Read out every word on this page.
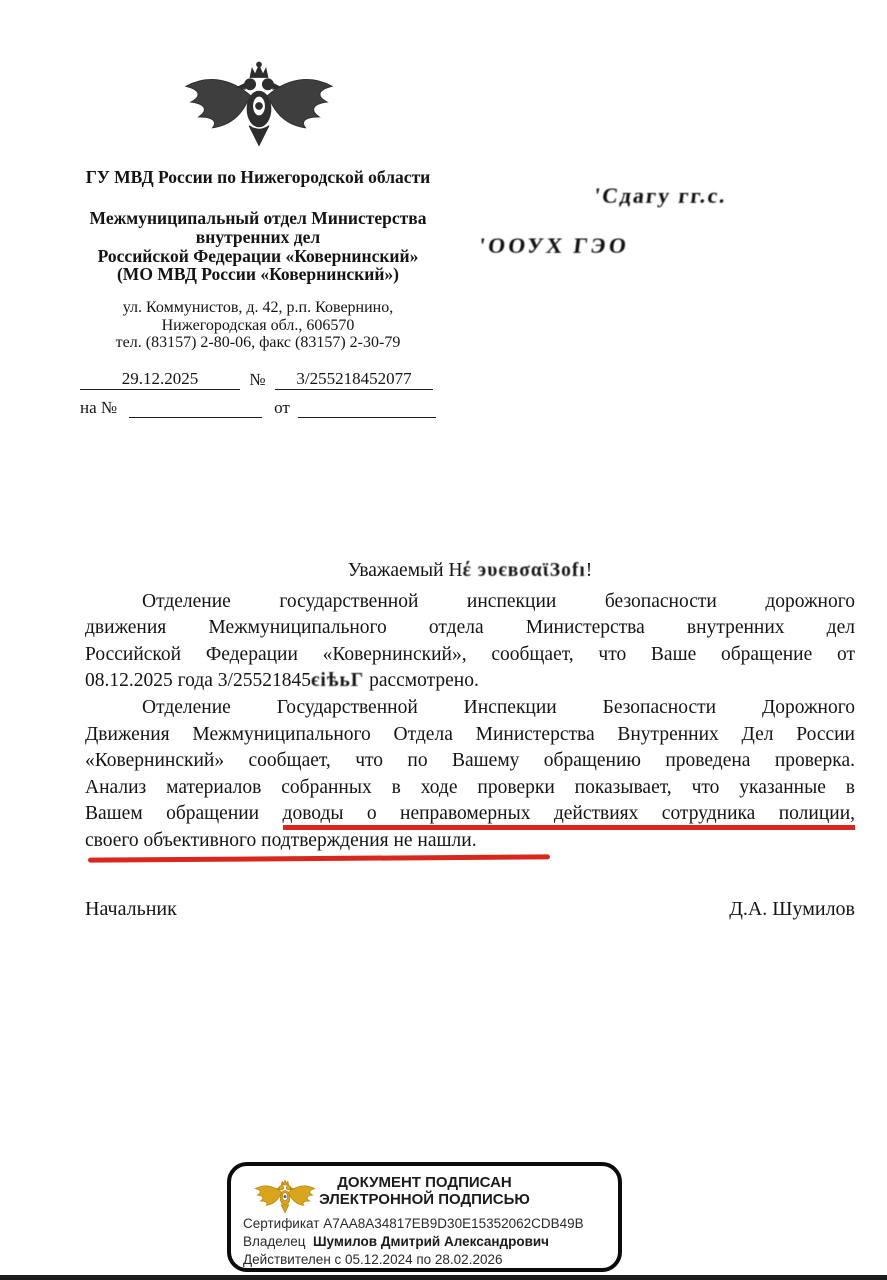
ГУ МВД России по Нижегородской области
Межмуниципальный отдел Министерства
внутренних дел
Российской Федерации «Ковернинский»
(МО МВД России «Ковернинский»)
ул. Коммунистов, д. 42, р.п. Ковернино,
Нижегородская обл., 606570
тел. (83157) 2-80-06, факс (83157) 2-30-79
29.12.2025	№	3/255218452077
на №	от
'Сдагу гг.с.
'ООУХ ГЭО
Уважаемый Нέ эυєвσαϊЗоfı!
Отделение государственной инспекции безопасности дорожного
движения Межмуниципального отдела Министерства внутренних дел
Российской Федерации «Ковернинский», сообщает, что Ваше обращение от
08.12.2025 года 3/25521845єіѣьГ рассмотрено.
Отделение Государственной Инспекции Безопасности Дорожного
Движения Межмуниципального Отдела Министерства Внутренних Дел России
«Ковернинский» сообщает, что по Вашему обращению проведена проверка.
Анализ материалов собранных в ходе проверки показывает, что указанные в
Вашем обращении доводы о неправомерных действиях сотрудника полиции,
своего объективного подтверждения не нашли.
Начальник	Д.А. Шумилов
ДОКУМЕНТ ПОДПИСАН
ЭЛЕКТРОННОЙ ПОДПИСЬЮ
Сертификат A7AA8A34817EB9D30E15352062CDB49B
Владелец Шумилов Дмитрий Александрович
Действителен с 05.12.2024 по 28.02.2026
